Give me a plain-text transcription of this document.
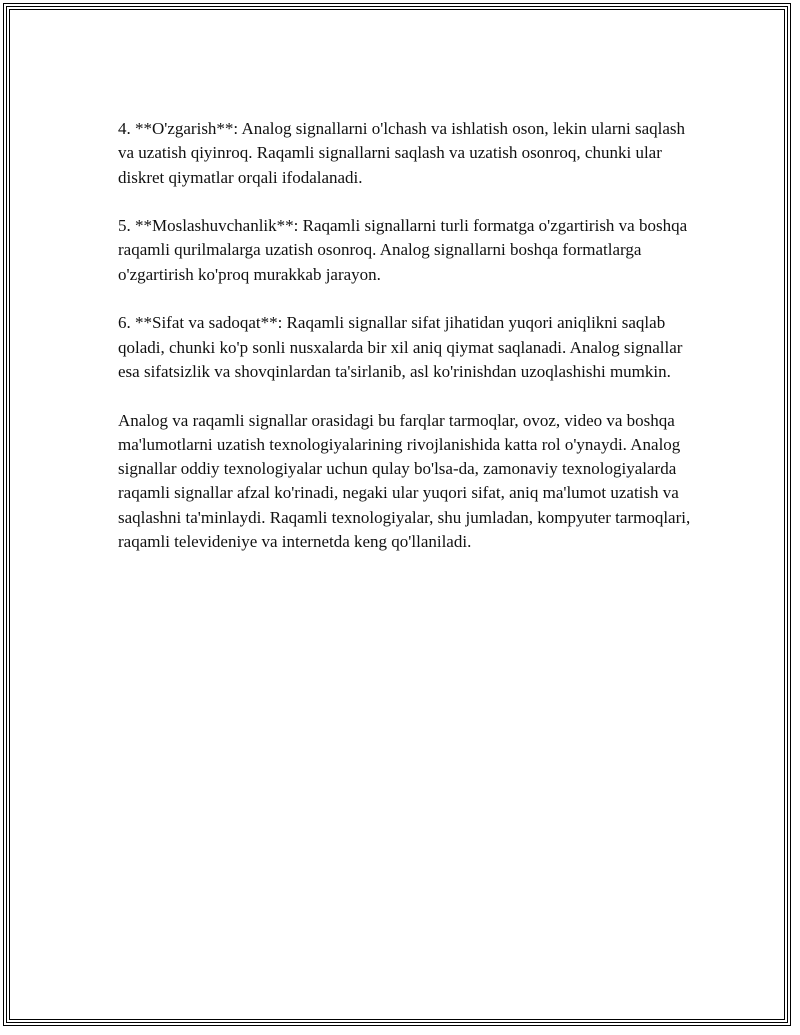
4. **O'zgarish**: Analog signallarni o'lchash va ishlatish oson, lekin ularni saqlash va uzatish qiyinroq. Raqamli signallarni saqlash va uzatish osonroq, chunki ular diskret qiymatlar orqali ifodalanadi.

5. **Moslashuvchanlik**: Raqamli signallarni turli formatga o'zgartirish va boshqa raqamli qurilmalarga uzatish osonroq. Analog signallarni boshqa formatlarga o'zgartirish ko'proq murakkab jarayon.

6. **Sifat va sadoqat**: Raqamli signallar sifat jihatidan yuqori aniqlikni saqlab qoladi, chunki ko'p sonli nusxalarda bir xil aniq qiymat saqlanadi. Analog signallar esa sifatsizlik va shovqinlardan ta'sirlanib, asl ko'rinishdan uzoqlashishi mumkin.

Analog va raqamli signallar orasidagi bu farqlar tarmoqlar, ovoz, video va boshqa ma'lumotlarni uzatish texnologiyalarining rivojlanishida katta rol o'ynaydi. Analog signallar oddiy texnologiyalar uchun qulay bo'lsa-da, zamonaviy texnologiyalarda raqamli signallar afzal ko'rinadi, negaki ular yuqori sifat, aniq ma'lumot uzatish va saqlashni ta'minlaydi. Raqamli texnologiyalar, shu jumladan, kompyuter tarmoqlari, raqamli televideniye va internetda keng qo'llaniladi.
